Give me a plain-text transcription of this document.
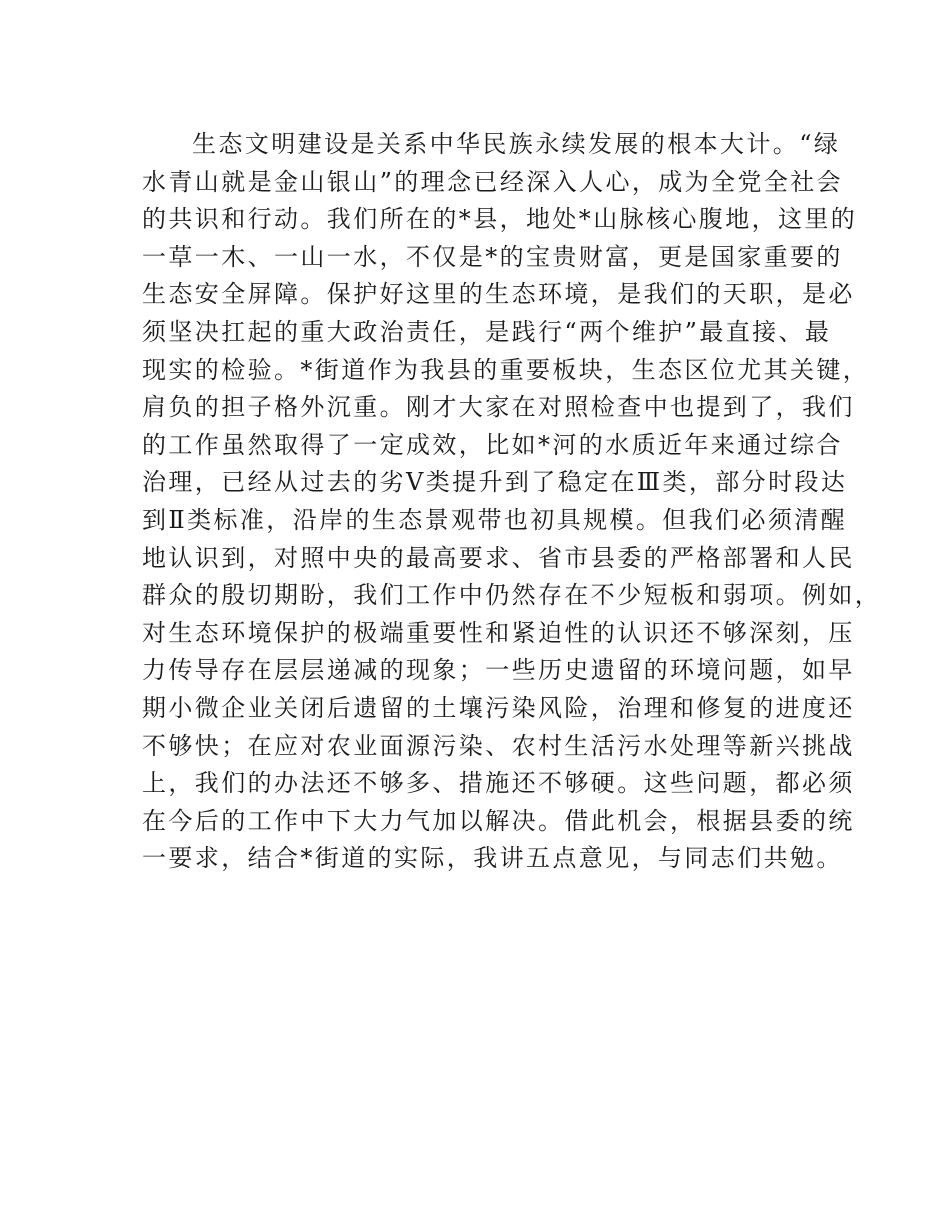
生态文明建设是关系中华民族永续发展的根本大计。“绿
水青山就是金山银山”的理念已经深入人心，成为全党全社会
的共识和行动。我们所在的*县，地处*山脉核心腹地，这里的
一草一木、一山一水，不仅是*的宝贵财富，更是国家重要的
生态安全屏障。保护好这里的生态环境，是我们的天职，是必
须坚决扛起的重大政治责任，是践行“两个维护”最直接、最
现实的检验。*街道作为我县的重要板块，生态区位尤其关键，
肩负的担子格外沉重。刚才大家在对照检查中也提到了，我们
的工作虽然取得了一定成效，比如*河的水质近年来通过综合
治理，已经从过去的劣Ⅴ类提升到了稳定在Ⅲ类，部分时段达
到Ⅱ类标准，沿岸的生态景观带也初具规模。但我们必须清醒
地认识到，对照中央的最高要求、省市县委的严格部署和人民
群众的殷切期盼，我们工作中仍然存在不少短板和弱项。例如，
对生态环境保护的极端重要性和紧迫性的认识还不够深刻，压
力传导存在层层递减的现象；一些历史遗留的环境问题，如早
期小微企业关闭后遗留的土壤污染风险，治理和修复的进度还
不够快；在应对农业面源污染、农村生活污水处理等新兴挑战
上，我们的办法还不够多、措施还不够硬。这些问题，都必须
在今后的工作中下大力气加以解决。借此机会，根据县委的统
一要求，结合*街道的实际，我讲五点意见，与同志们共勉。
